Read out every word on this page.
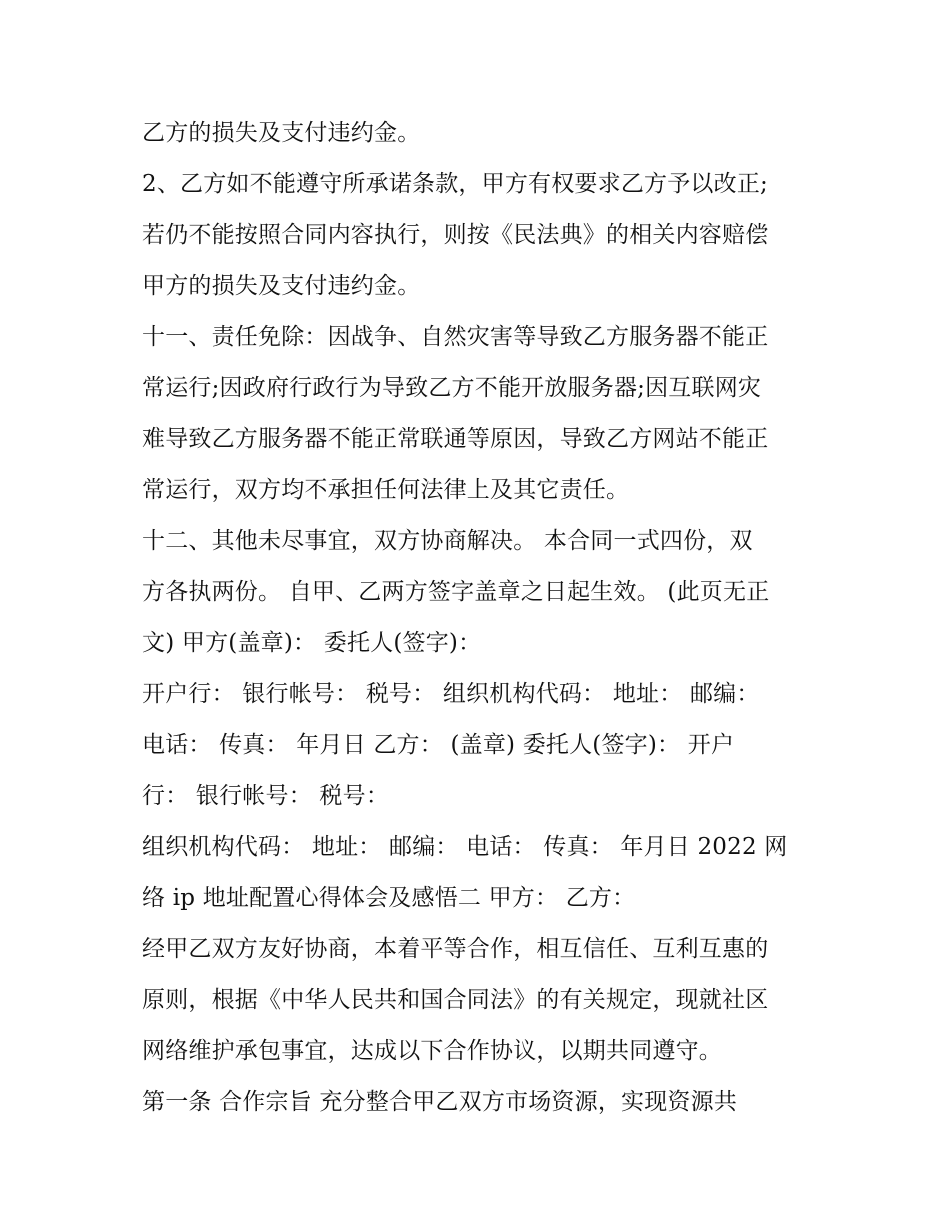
乙方的损失及支付违约金。
2、乙方如不能遵守所承诺条款，甲方有权要求乙方予以改正;
若仍不能按照合同内容执行，则按《民法典》的相关内容赔偿
甲方的损失及支付违约金。
十一、责任免除：因战争、自然灾害等导致乙方服务器不能正
常运行;因政府行政行为导致乙方不能开放服务器;因互联网灾
难导致乙方服务器不能正常联通等原因，导致乙方网站不能正
常运行，双方均不承担任何法律上及其它责任。
十二、其他未尽事宜，双方协商解决。 本合同一式四份，双
方各执两份。 自甲、乙两方签字盖章之日起生效。 (此页无正
文) 甲方(盖章)： 委托人(签字)：
开户行： 银行帐号： 税号： 组织机构代码： 地址： 邮编：
电话： 传真： 年月日 乙方： (盖章) 委托人(签字)： 开户
行： 银行帐号： 税号：
组织机构代码： 地址： 邮编： 电话： 传真： 年月日 2022 网
络 ip 地址配置心得体会及感悟二 甲方： 乙方：
经甲乙双方友好协商，本着平等合作，相互信任、互利互惠的
原则，根据《中华人民共和国合同法》的有关规定，现就社区
网络维护承包事宜，达成以下合作协议，以期共同遵守。
第一条 合作宗旨 充分整合甲乙双方市场资源，实现资源共
